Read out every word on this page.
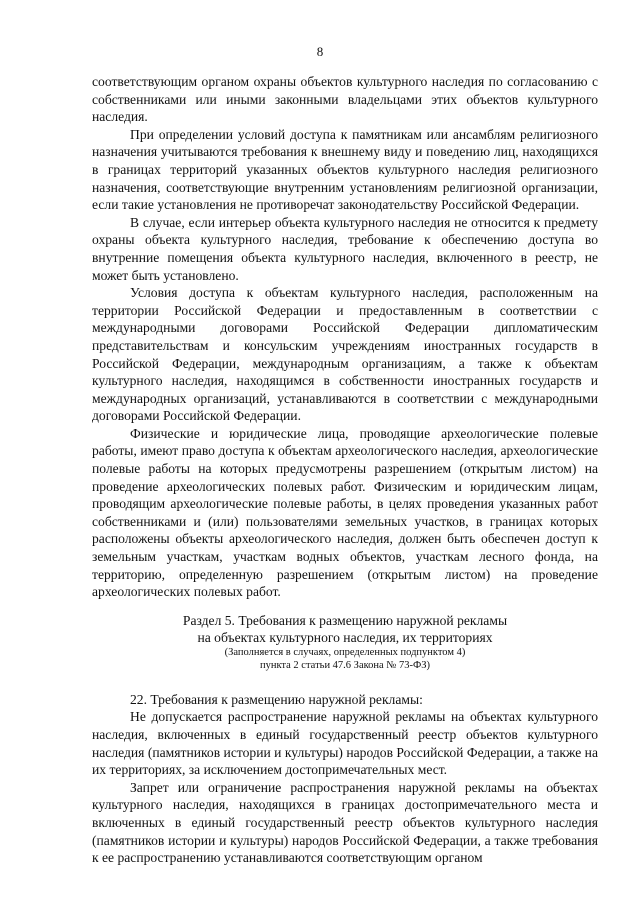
8

соответствующим органом охраны объектов культурного наследия по согласованию с собственниками или иными законными владельцами этих объектов культурного наследия.

При определении условий доступа к памятникам или ансамблям религиозного назначения учитываются требования к внешнему виду и поведению лиц, находящихся в границах территорий указанных объектов культурного наследия религиозного назначения, соответствующие внутренним установлениям религиозной организации, если такие установления не противоречат законодательству Российской Федерации.

В случае, если интерьер объекта культурного наследия не относится к предмету охраны объекта культурного наследия, требование к обеспечению доступа во внутренние помещения объекта культурного наследия, включенного в реестр, не может быть установлено.

Условия доступа к объектам культурного наследия, расположенным на территории Российской Федерации и предоставленным в соответствии с международными договорами Российской Федерации дипломатическим представительствам и консульским учреждениям иностранных государств в Российской Федерации, международным организациям, а также к объектам культурного наследия, находящимся в собственности иностранных государств и международных организаций, устанавливаются в соответствии с международными договорами Российской Федерации.

Физические и юридические лица, проводящие археологические полевые работы, имеют право доступа к объектам археологического наследия, археологические полевые работы на которых предусмотрены разрешением (открытым листом) на проведение археологических полевых работ. Физическим и юридическим лицам, проводящим археологические полевые работы, в целях проведения указанных работ собственниками и (или) пользователями земельных участков, в границах которых расположены объекты археологического наследия, должен быть обеспечен доступ к земельным участкам, участкам водных объектов, участкам лесного фонда, на территорию, определенную разрешением (открытым листом) на проведение археологических полевых работ.

Раздел 5. Требования к размещению наружной рекламы

на объектах культурного наследия, их территориях

(Заполняется в случаях, определенных подпунктом 4)

пункта 2 статьи 47.6 Закона № 73-ФЗ)

22. Требования к размещению наружной рекламы:

Не допускается распространение наружной рекламы на объектах культурного наследия, включенных в единый государственный реестр объектов культурного наследия (памятников истории и культуры) народов Российской Федерации, а также на их территориях, за исключением достопримечательных мест.

Запрет или ограничение распространения наружной рекламы на объектах культурного наследия, находящихся в границах достопримечательного места и включенных в единый государственный реестр объектов культурного наследия (памятников истории и культуры) народов Российской Федерации, а также требования к ее распространению устанавливаются соответствующим органом
